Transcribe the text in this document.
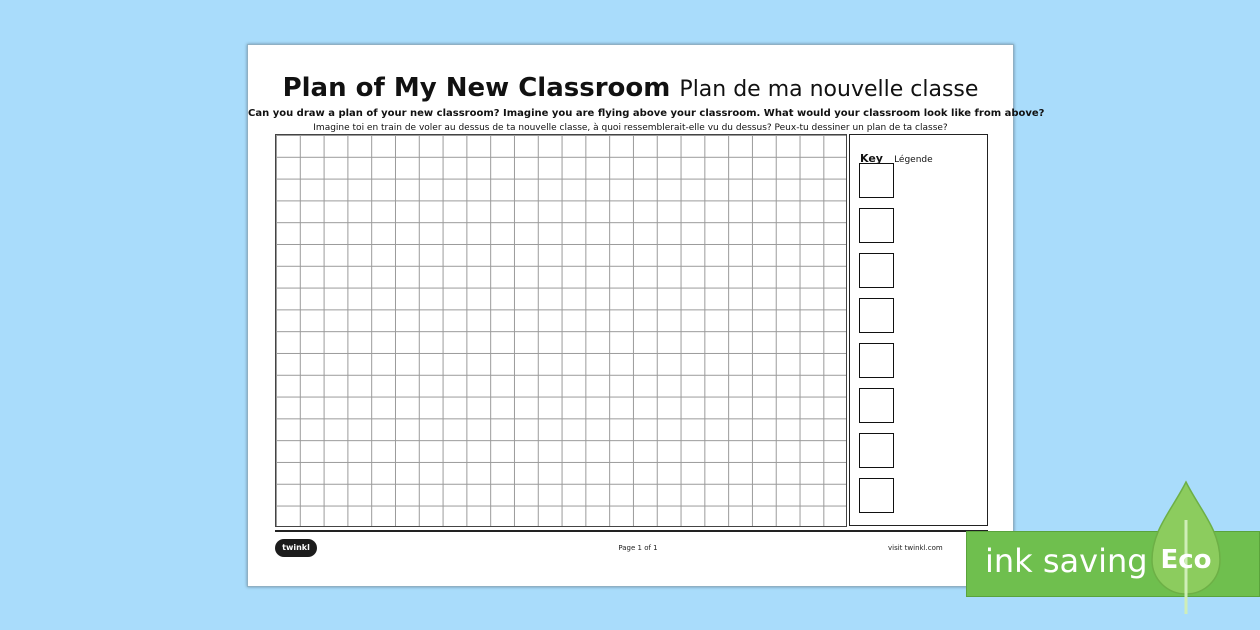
Plan of My New Classroom Plan de ma nouvelle classe
Can you draw a plan of your new classroom? Imagine you are flying above your classroom. What would your classroom look like from above?
Imagine toi en train de voler au dessus de ta nouvelle classe, à quoi ressemblerait-elle vu du dessus? Peux-tu dessiner un plan de ta classe?
Key Légende
twinkl	Page 1 of 1	visit twinkl.com ink saving Eco
